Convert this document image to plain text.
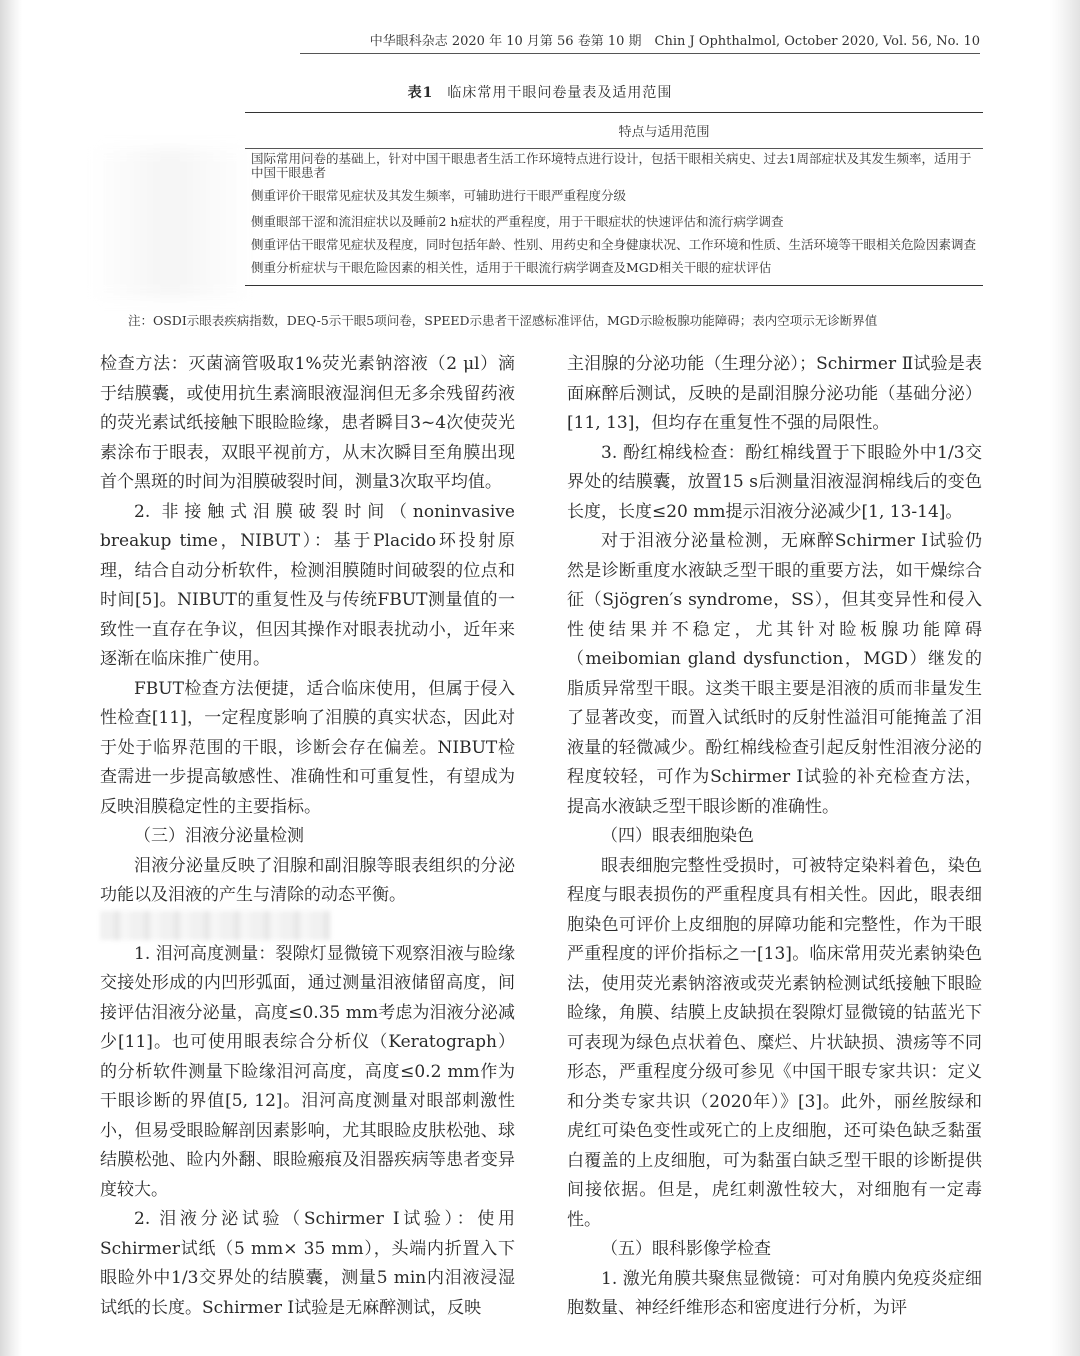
中华眼科杂志 2020 年 10 月第 56 卷第 10 期　Chin J Ophthalmol, October 2020, Vol. 56, No. 10
表1 临床常用干眼问卷量表及适用范围
特点与适用范围
国际常用问卷的基础上，针对中国干眼患者生活工作环境特点进行设计，包括干眼相关病史、过去1周部症状及其发生频率，适用于中国干眼患者
侧重评价干眼常见症状及其发生频率，可辅助进行干眼严重程度分级
侧重眼部干涩和流泪症状以及睡前2 h症状的严重程度，用于干眼症状的快速评估和流行病学调查
侧重评估干眼常见症状及程度，同时包括年龄、性别、用药史和全身健康状况、工作环境和性质、生活环境等干眼相关危险因素调查
侧重分析症状与干眼危险因素的相关性，适用于干眼流行病学调查及MGD相关干眼的症状评估
注：OSDI示眼表疾病指数，DEQ-5示干眼5项问卷，SPEED示患者干涩感标准评估，MGD示睑板腺功能障碍；表内空项示无诊断界值

检查方法：灭菌滴管吸取1%荧光素钠溶液（2 μl）滴于结膜囊，或使用抗生素滴眼液湿润但无多余残留药液的荧光素试纸接触下眼睑睑缘，患者瞬目3~4次使荧光素涂布于眼表，双眼平视前方，从末次瞬目至角膜出现首个黑斑的时间为泪膜破裂时间，测量3次取平均值。

2. 非接触式泪膜破裂时间（noninvasive breakup time，NIBUT）：基于Placido环投射原理，结合自动分析软件，检测泪膜随时间破裂的位点和时间[5]。NIBUT的重复性及与传统FBUT测量值的一致性一直存在争议，但因其操作对眼表扰动小，近年来逐渐在临床推广使用。

FBUT检查方法便捷，适合临床使用，但属于侵入性检查[11]，一定程度影响了泪膜的真实状态，因此对于处于临界范围的干眼，诊断会存在偏差。NIBUT检查需进一步提高敏感性、准确性和可重复性，有望成为反映泪膜稳定性的主要指标。

（三）泪液分泌量检测

泪液分泌量反映了泪腺和副泪腺等眼表组织的分泌功能以及泪液的产生与清除的动态平衡。

1. 泪河高度测量：裂隙灯显微镜下观察泪液与睑缘交接处形成的内凹形弧面，通过测量泪液储留高度，间接评估泪液分泌量，高度≤0.35 mm考虑为泪液分泌减少[11]。也可使用眼表综合分析仪（Keratograph）的分析软件测量下睑缘泪河高度，高度≤0.2 mm作为干眼诊断的界值[5, 12]。泪河高度测量对眼部刺激性小，但易受眼睑解剖因素影响，尤其眼睑皮肤松弛、球结膜松弛、睑内外翻、眼睑瘢痕及泪器疾病等患者变异度较大。

2. 泪液分泌试验（Schirmer Ⅰ试验）：使用Schirmer试纸（5 mm× 35 mm），头端内折置入下眼睑外中1/3交界处的结膜囊，测量5 min内泪液浸湿试纸的长度。Schirmer Ⅰ试验是无麻醉测试，反映

主泪腺的分泌功能（生理分泌）；Schirmer Ⅱ试验是表面麻醉后测试，反映的是副泪腺分泌功能（基础分泌）[11, 13]，但均存在重复性不强的局限性。

3. 酚红棉线检查：酚红棉线置于下眼睑外中1/3交界处的结膜囊，放置15 s后测量泪液湿润棉线后的变色长度，长度≤20 mm提示泪液分泌减少[1, 13-14]。

对于泪液分泌量检测，无麻醉Schirmer Ⅰ试验仍然是诊断重度水液缺乏型干眼的重要方法，如干燥综合征（Sjögren′s syndrome，SS），但其变异性和侵入性使结果并不稳定，尤其针对睑板腺功能障碍（meibomian gland dysfunction，MGD）继发的脂质异常型干眼。这类干眼主要是泪液的质而非量发生了显著改变，而置入试纸时的反射性溢泪可能掩盖了泪液量的轻微减少。酚红棉线检查引起反射性泪液分泌的程度较轻，可作为Schirmer Ⅰ试验的补充检查方法，提高水液缺乏型干眼诊断的准确性。

（四）眼表细胞染色

眼表细胞完整性受损时，可被特定染料着色，染色程度与眼表损伤的严重程度具有相关性。因此，眼表细胞染色可评价上皮细胞的屏障功能和完整性，作为干眼严重程度的评价指标之一[13]。临床常用荧光素钠染色法，使用荧光素钠溶液或荧光素钠检测试纸接触下眼睑睑缘，角膜、结膜上皮缺损在裂隙灯显微镜的钴蓝光下可表现为绿色点状着色、糜烂、片状缺损、溃疡等不同形态，严重程度分级可参见《中国干眼专家共识：定义和分类专家共识（2020年）》[3]。此外，丽丝胺绿和虎红可染色变性或死亡的上皮细胞，还可染色缺乏黏蛋白覆盖的上皮细胞，可为黏蛋白缺乏型干眼的诊断提供间接依据。但是，虎红刺激性较大，对细胞有一定毒性。

（五）眼科影像学检查

1. 激光角膜共聚焦显微镜：可对角膜内免疫炎症细胞数量、神经纤维形态和密度进行分析，为评
